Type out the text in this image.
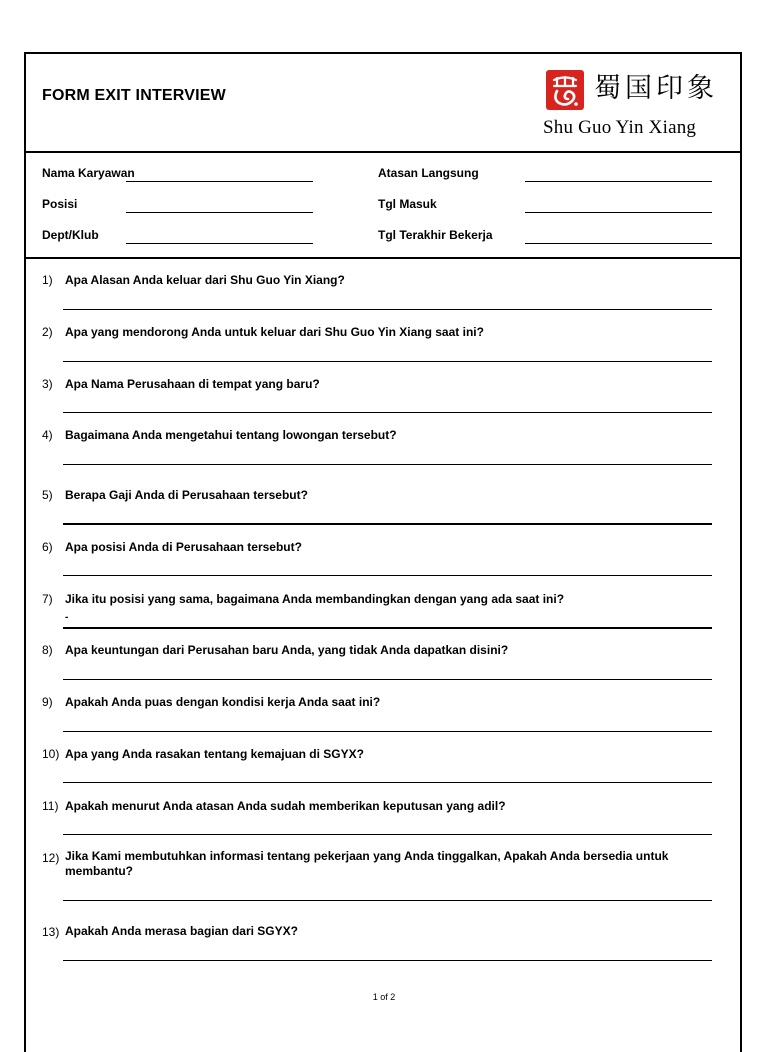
FORM EXIT INTERVIEW	蜀国印象
Shu Guo Yin Xiang
Nama Karyawan
Posisi
Dept/Klub
Atasan Langsung
Tgl Masuk
Tgl Terakhir Bekerja
1) Apa Alasan Anda keluar dari Shu Guo Yin Xiang?
2) Apa yang mendorong Anda untuk keluar dari Shu Guo Yin Xiang saat ini?
3) Apa Nama Perusahaan di tempat yang baru?
4) Bagaimana Anda mengetahui tentang lowongan tersebut?
5) Berapa Gaji Anda di Perusahaan tersebut?
6) Apa posisi Anda di Perusahaan tersebut?
7) Jika itu posisi yang sama, bagaimana Anda membandingkan dengan yang ada saat ini?
-
8) Apa keuntungan dari Perusahan baru Anda, yang tidak Anda dapatkan disini?
9) Apakah Anda puas dengan kondisi kerja Anda saat ini?
10) Apa yang Anda rasakan tentang kemajuan di SGYX?
11) Apakah menurut Anda atasan Anda sudah memberikan keputusan yang adil?
12) Jika Kami membutuhkan informasi tentang pekerjaan yang Anda tinggalkan, Apakah Anda bersedia untuk membantu?
13) Apakah Anda merasa bagian dari SGYX?
1 of 2
